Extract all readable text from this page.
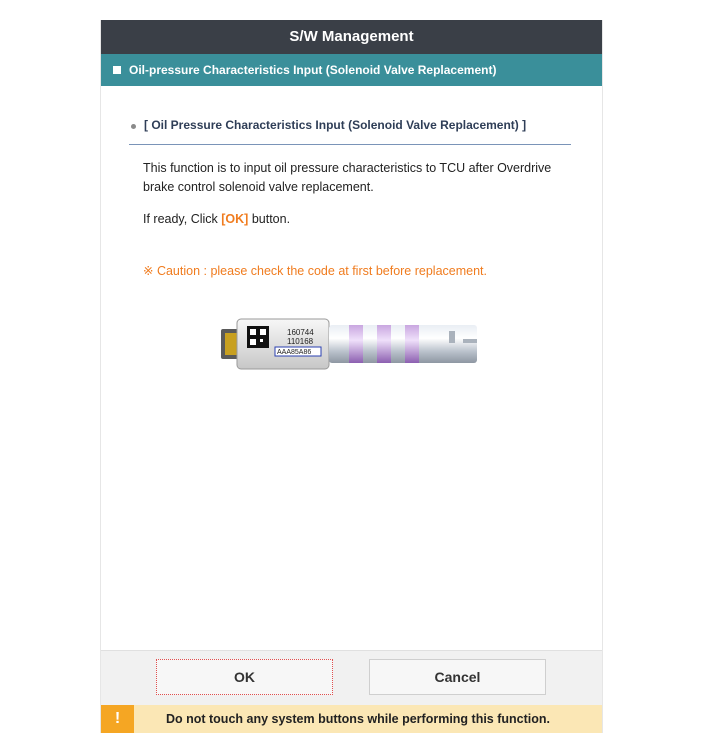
S/W Management
Oil-pressure Characteristics Input (Solenoid Valve Replacement)
[ Oil Pressure Characteristics Input (Solenoid Valve Replacement) ]
This function is to input oil pressure characteristics to TCU after Overdrive brake control solenoid valve replacement.
If ready, Click [OK] button.
※ Caution : please check the code at first before replacement.
160744
110168
AAA85A86
OK	Cancel
!	Do not touch any system buttons while performing this function.
